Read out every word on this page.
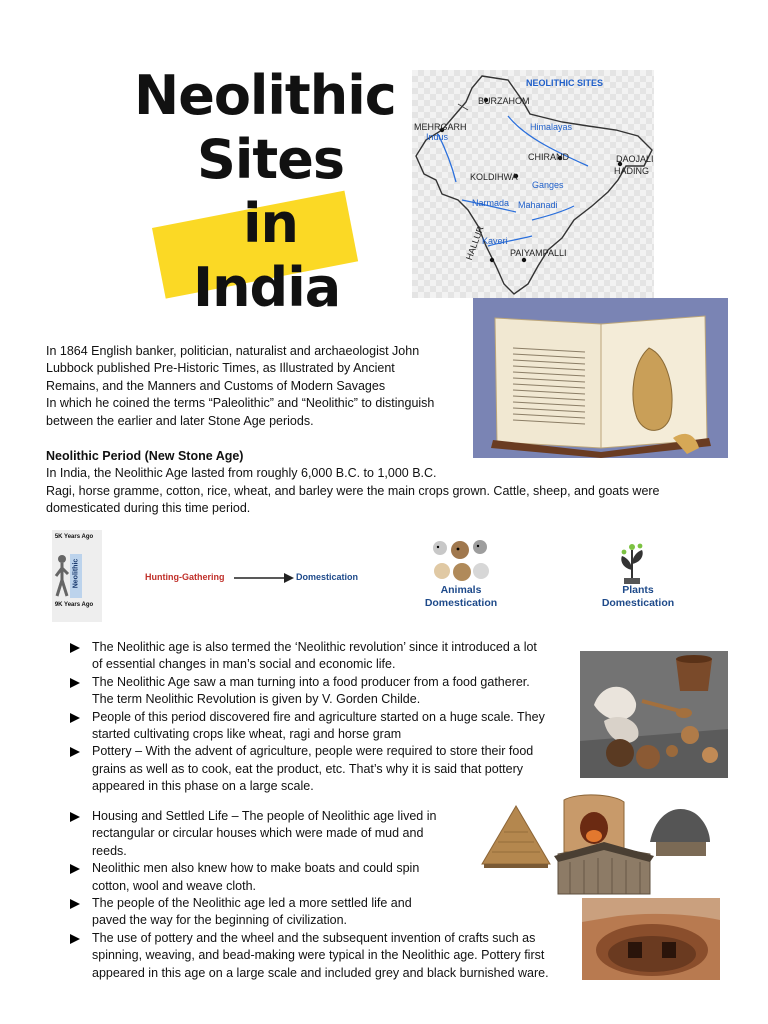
Neolithic
Sites
in
India
NEOLITHIC SITES
BURZAHOM
MEHRGARH
Indus
Himalayas
CHIRAND	DAOJALI
HADING
KOLDIHWA
Ganges
Narmada Mahanadi
Kaveri
PAIYAMPALLI
HALLUR
In 1864 English banker, politician, naturalist and archaeologist John
Lubbock published Pre-Historic Times, as Illustrated by Ancient
Remains, and the Manners and Customs of Modern Savages
In which he coined the terms “Paleolithic” and “Neolithic” to distinguish
between the earlier and later Stone Age periods.
Neolithic Period (New Stone Age)
In India, the Neolithic Age lasted from roughly 6,000 B.C. to 1,000 B.C.
Ragi, horse gramme, cotton, rice, wheat, and barley were the main crops grown. Cattle, sheep, and goats were
domesticated during this time period.
5K Years Ago
Neolithic
9K Years Ago
Hunting-Gathering	Domestication
Animals
Domestication
Plants
Domestication
The Neolithic age is also termed the ‘Neolithic revolution’ since it introduced a lot
of essential changes in man’s social and economic life.
The Neolithic Age saw a man turning into a food producer from a food gatherer.
The term Neolithic Revolution is given by V. Gorden Childe.
People of this period discovered fire and agriculture started on a huge scale. They
started cultivating crops like wheat, ragi and horse gram
Pottery – With the advent of agriculture, people were required to store their food
grains as well as to cook, eat the product, etc. That’s why it is said that pottery
appeared in this phase on a large scale.
Housing and Settled Life – The people of Neolithic age lived in
rectangular or circular houses which were made of mud and
reeds.
Neolithic men also knew how to make boats and could spin
cotton, wool and weave cloth.
The people of the Neolithic age led a more settled life and
paved the way for the beginning of civilization.
The use of pottery and the wheel and the subsequent invention of crafts such as
spinning, weaving, and bead-making were typical in the Neolithic age. Pottery first
appeared in this age on a large scale and included grey and black burnished ware.
